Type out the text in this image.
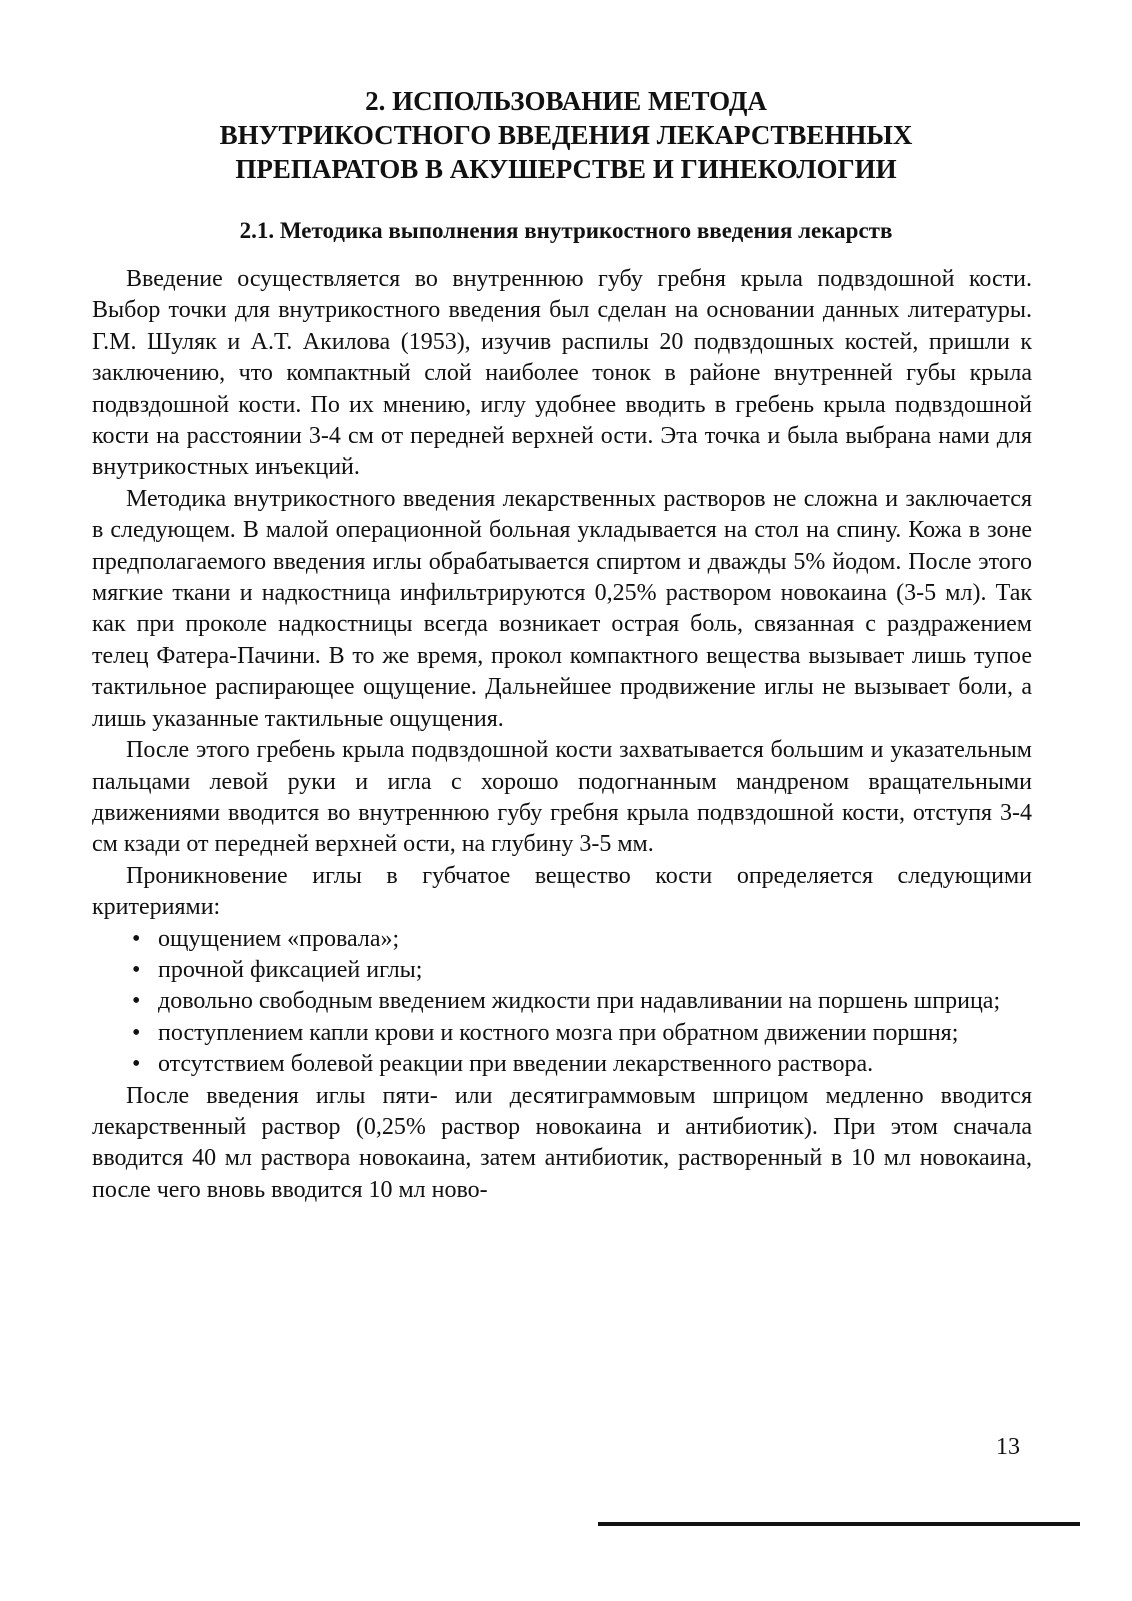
2. ИСПОЛЬЗОВАНИЕ МЕТОДА
ВНУТРИКОСТНОГО ВВЕДЕНИЯ ЛЕКАРСТВЕННЫХ
ПРЕПАРАТОВ В АКУШЕРСТВЕ И ГИНЕКОЛОГИИ
2.1. Методика выполнения внутрикостного введения лекарств

Введение осуществляется во внутреннюю губу гребня крыла подвздошной кости. Выбор точки для внутрикостного введения был сделан на основании данных литературы. Г.М. Шуляк и А.Т. Акилова (1953), изучив распилы 20 подвздошных костей, пришли к заключению, что компактный слой наиболее тонок в районе внутренней губы крыла подвздошной кости. По их мнению, иглу удобнее вводить в гребень крыла подвздошной кости на расстоянии 3-4 см от передней верхней ости. Эта точка и была выбрана нами для внутрикостных инъекций.

Методика внутрикостного введения лекарственных растворов не сложна и заключается в следующем. В малой операционной больная укладывается на стол на спину. Кожа в зоне предполагаемого введения иглы обрабатывается спиртом и дважды 5% йодом. После этого мягкие ткани и надкостница инфильтрируются 0,25% раствором новокаина (3-5 мл). Так как при проколе надкостницы всегда возникает острая боль, связанная с раздражением телец Фатера-Пачини. В то же время, прокол компактного вещества вызывает лишь тупое тактильное распирающее ощущение. Дальнейшее продвижение иглы не вызывает боли, а лишь указанные тактильные ощущения.

После этого гребень крыла подвздошной кости захватывается большим и указательным пальцами левой руки и игла с хорошо подогнанным мандреном вращательными движениями вводится во внутреннюю губу гребня крыла подвздошной кости, отступя 3-4 см кзади от передней верхней ости, на глубину 3-5 мм.

Проникновение иглы в губчатое вещество кости определяется следующими критериями:

• ощущением «провала»;
• прочной фиксацией иглы;
• довольно свободным введением жидкости при надавливании на поршень шприца;
• поступлением капли крови и костного мозга при обратном движении поршня;
• отсутствием болевой реакции при введении лекарственного раствора.

После введения иглы пяти- или десятиграммовым шприцом медленно вводится лекарственный раствор (0,25% раствор новокаина и антибиотик). При этом сначала вводится 40 мл раствора новокаина, затем антибиотик, растворенный в 10 мл новокаина, после чего вновь вводится 10 мл ново-

13
